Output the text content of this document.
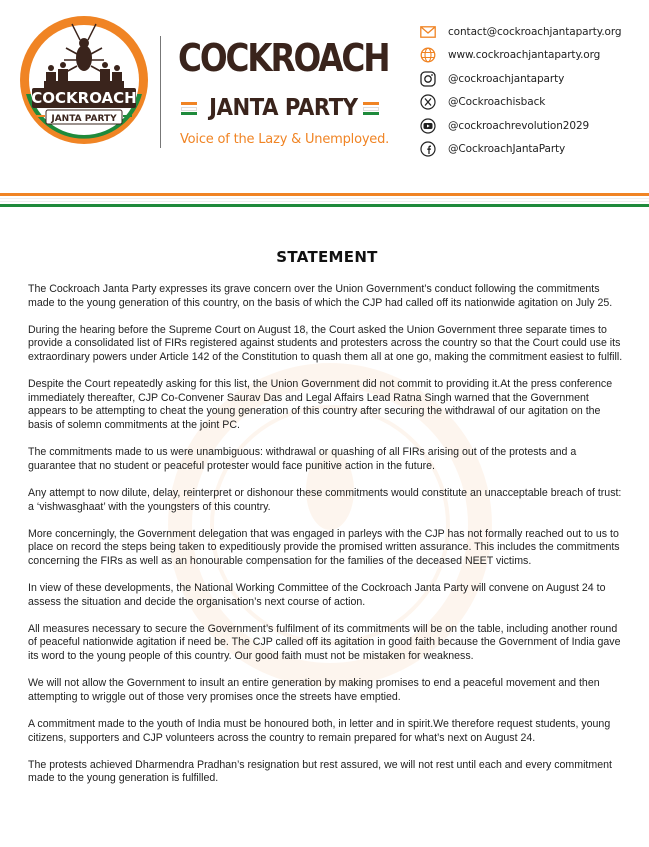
COCKROACH
JANTA PARTY
COCKROACH
JANTA PARTY
Voice of the Lazy & Unemployed.
contact@cockroachjantaparty.org
www.cockroachjantaparty.org
@cockroachjantaparty
@Cockroachisback
@cockroachrevolution2029
@CockroachJantaParty
STATEMENT

The Cockroach Janta Party expresses its grave concern over the Union Government’s conduct following the commitments made to the young generation of this country, on the basis of which the CJP had called off its nationwide agitation on July 25.

During the hearing before the Supreme Court on August 18, the Court asked the Union Government three separate times to provide a consolidated list of FIRs registered against students and protesters across the country so that the Court could use its extraordinary powers under Article 142 of the Constitution to quash them all at one go, making the commitment easiest to fulfill.

Despite the Court repeatedly asking for this list, the Union Government did not commit to providing it.At the press conference immediately thereafter, CJP Co-Convener Saurav Das and Legal Affairs Lead Ratna Singh warned that the Government appears to be attempting to cheat the young generation of this country after securing the withdrawal of our agitation on the basis of solemn commitments at the joint PC.

The commitments made to us were unambiguous: withdrawal or quashing of all FIRs arising out of the protests and a guarantee that no student or peaceful protester would face punitive action in the future.

Any attempt to now dilute, delay, reinterpret or dishonour these commitments would constitute an unacceptable breach of trust: a ‘vishwasghaat’ with the youngsters of this country.

More concerningly, the Government delegation that was engaged in parleys with the CJP has not formally reached out to us to place on record the steps being taken to expeditiously provide the promised written assurance. This includes the commitments concerning the FIRs as well as an honourable compensation for the families of the deceased NEET victims.

In view of these developments, the National Working Committee of the Cockroach Janta Party will convene on August 24 to assess the situation and decide the organisation’s next course of action.

All measures necessary to secure the Government’s fulfilment of its commitments will be on the table, including another round of peaceful nationwide agitation if need be. The CJP called off its agitation in good faith because the Government of India gave its word to the young people of this country. Our good faith must not be mistaken for weakness.

We will not allow the Government to insult an entire generation by making promises to end a peaceful movement and then attempting to wriggle out of those very promises once the streets have emptied.

A commitment made to the youth of India must be honoured both, in letter and in spirit.We therefore request students, young citizens, supporters and CJP volunteers across the country to remain prepared for what’s next on August 24.

The protests achieved Dharmendra Pradhan’s resignation but rest assured, we will not rest until each and every commitment made to the young generation is fulfilled.
